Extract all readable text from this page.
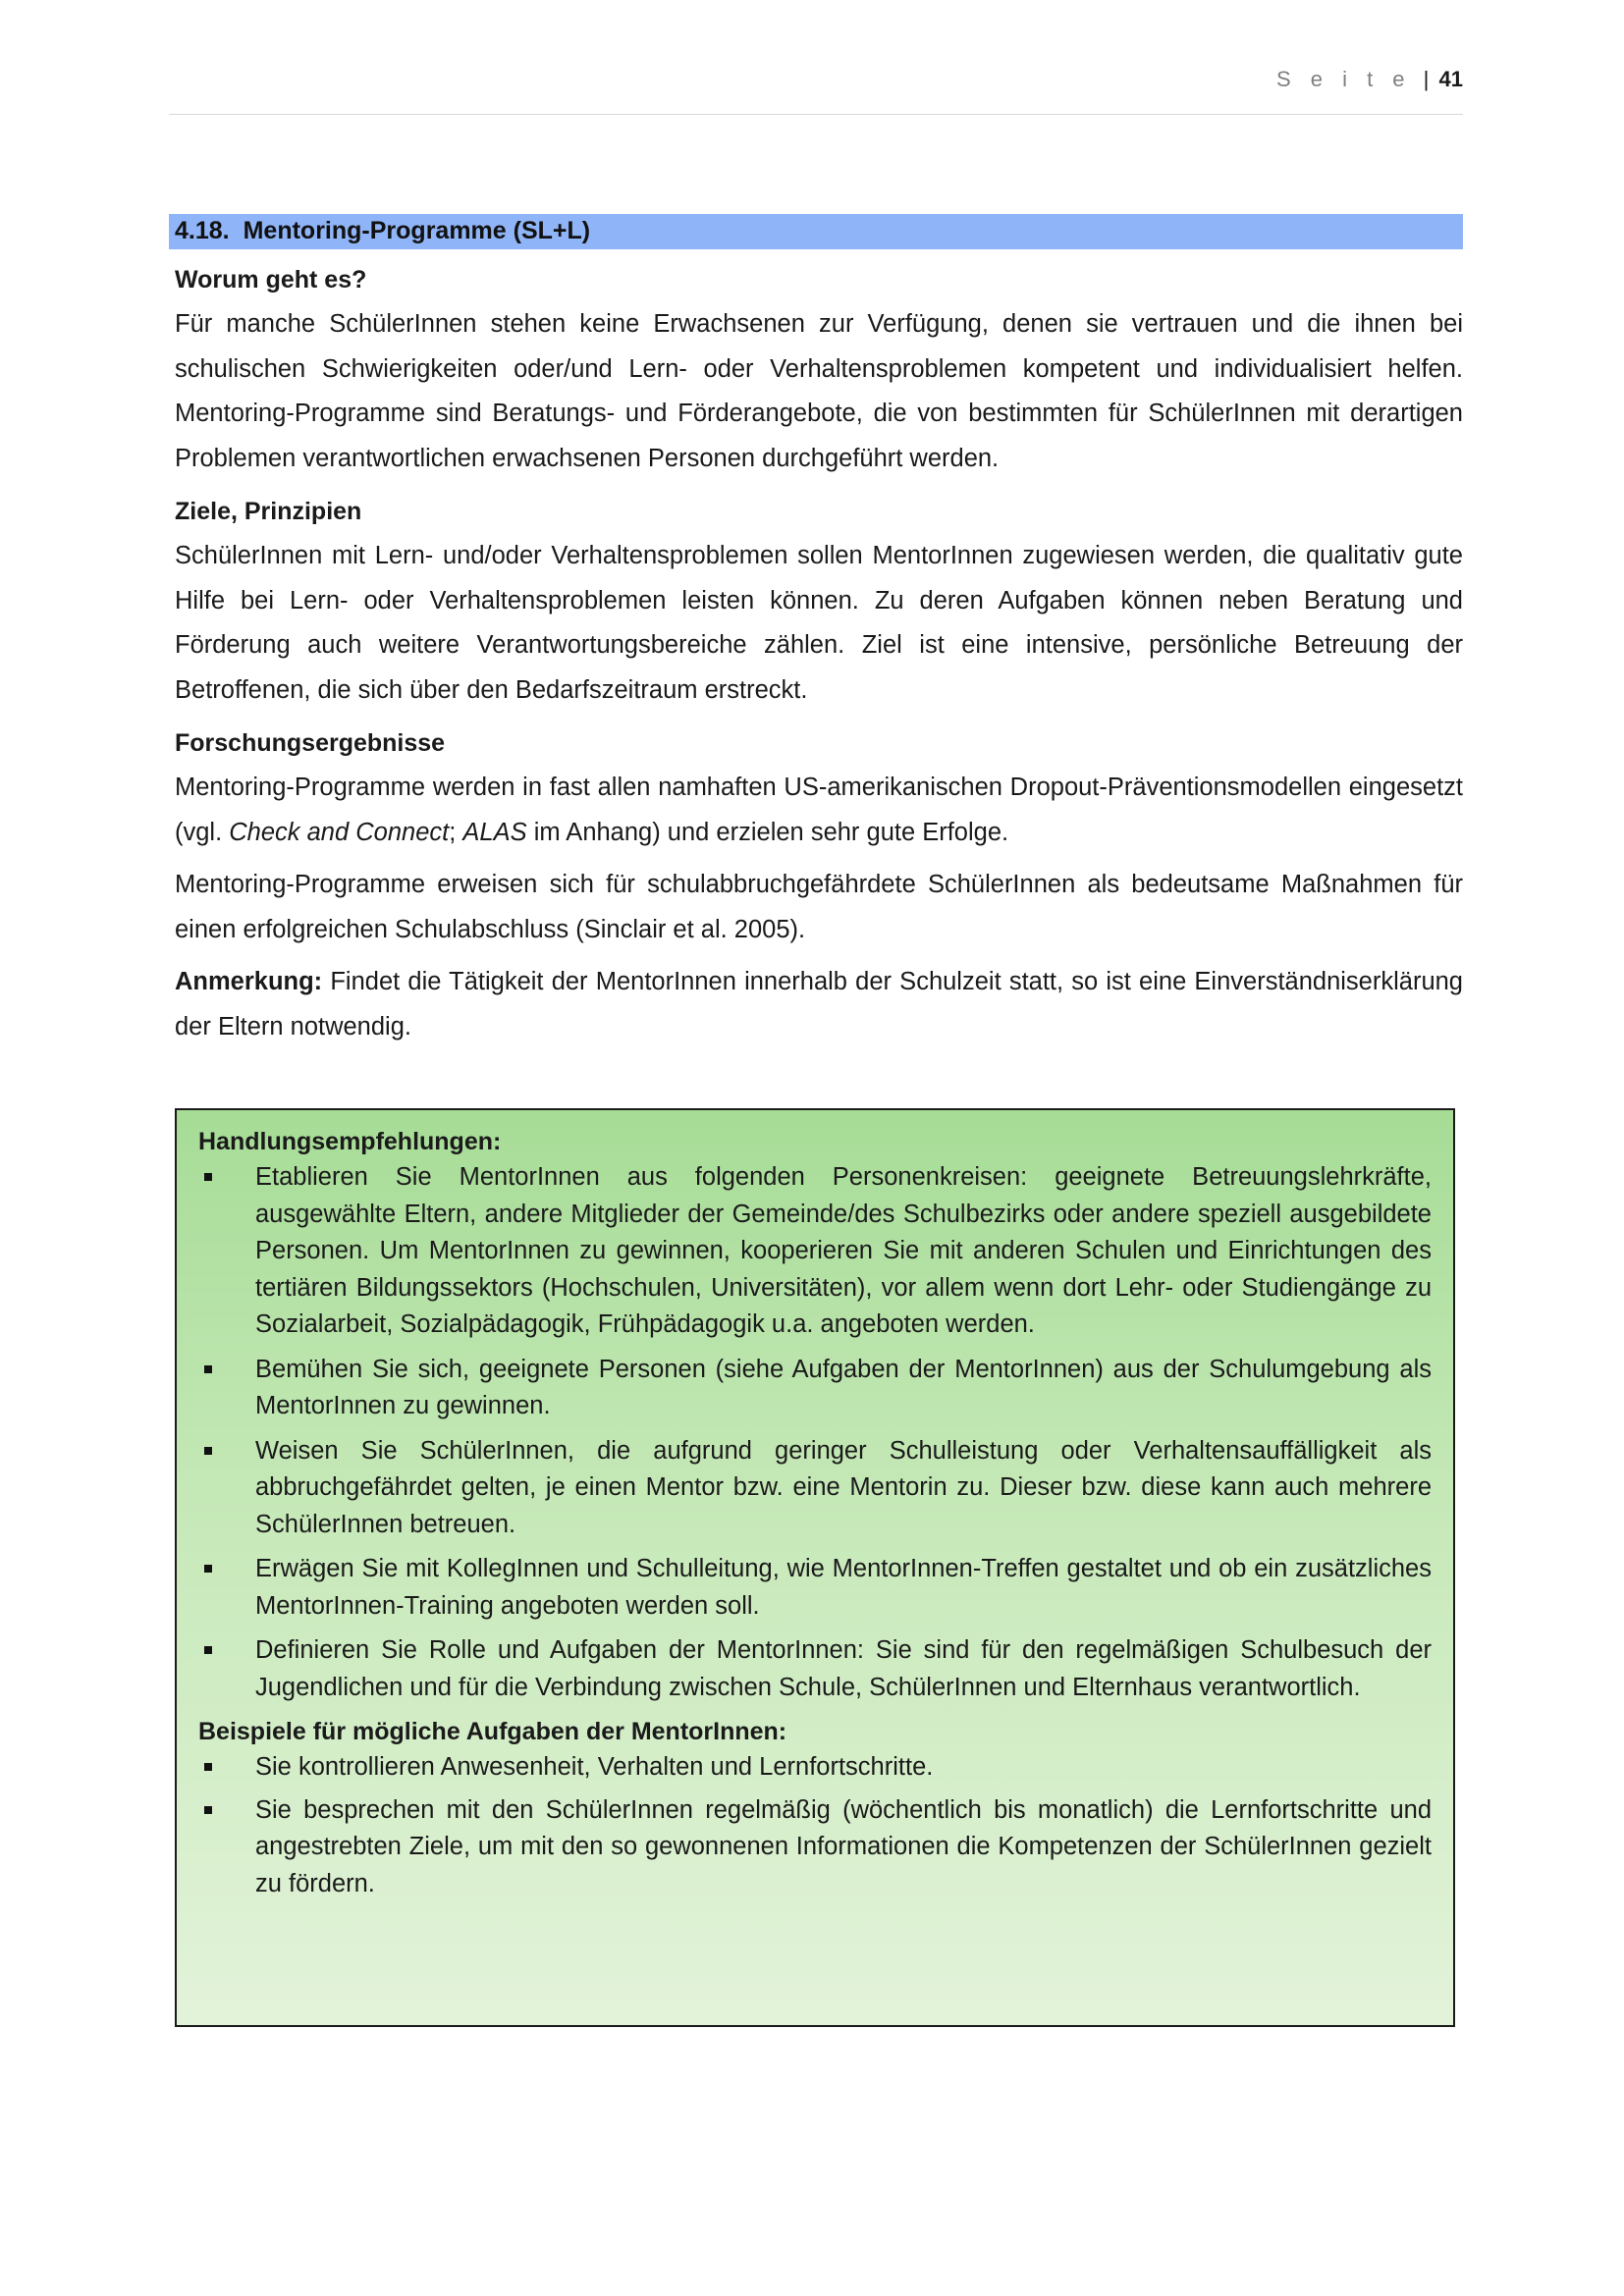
S e i t e | 41
4.18. Mentoring-Programme (SL+L)
Worum geht es?

Für manche SchülerInnen stehen keine Erwachsenen zur Verfügung, denen sie vertrauen und die ihnen bei schulischen Schwierigkeiten oder/und Lern- oder Verhaltensproblemen kompetent und individualisiert helfen. Mentoring-Programme sind Beratungs- und Förderangebote, die von bestimmten für SchülerInnen mit derartigen Problemen verantwortlichen erwachsenen Personen durchgeführt werden.

Ziele, Prinzipien

SchülerInnen mit Lern- und/oder Verhaltensproblemen sollen MentorInnen zugewiesen werden, die qualitativ gute Hilfe bei Lern- oder Verhaltensproblemen leisten können. Zu deren Aufgaben können neben Beratung und Förderung auch weitere Verantwortungsbereiche zählen. Ziel ist eine intensive, persönliche Betreuung der Betroffenen, die sich über den Bedarfszeitraum erstreckt.

Forschungsergebnisse

Mentoring-Programme werden in fast allen namhaften US-amerikanischen Dropout-Präventionsmodellen eingesetzt (vgl. Check and Connect; ALAS im Anhang) und erzielen sehr gute Erfolge.

Mentoring-Programme erweisen sich für schulabbruchgefährdete SchülerInnen als bedeutsame Maßnahmen für einen erfolgreichen Schulabschluss (Sinclair et al. 2005).

Anmerkung: Findet die Tätigkeit der MentorInnen innerhalb der Schulzeit statt, so ist eine Einverständniserklärung der Eltern notwendig.

Handlungsempfehlungen:
Etablieren Sie MentorInnen aus folgenden Personenkreisen: geeignete Betreuungslehrkräfte, ausgewählte Eltern, andere Mitglieder der Gemeinde/des Schulbezirks oder andere speziell ausgebildete Personen. Um MentorInnen zu gewinnen, kooperieren Sie mit anderen Schulen und Einrichtungen des tertiären Bildungssektors (Hochschulen, Universitäten), vor allem wenn dort Lehr- oder Studiengänge zu Sozialarbeit, Sozialpädagogik, Frühpädagogik u.a. angeboten werden.
Bemühen Sie sich, geeignete Personen (siehe Aufgaben der MentorInnen) aus der Schulumgebung als MentorInnen zu gewinnen.
Weisen Sie SchülerInnen, die aufgrund geringer Schulleistung oder Verhaltensauffälligkeit als abbruchgefährdet gelten, je einen Mentor bzw. eine Mentorin zu. Dieser bzw. diese kann auch mehrere SchülerInnen betreuen.
Erwägen Sie mit KollegInnen und Schulleitung, wie MentorInnen-Treffen gestaltet und ob ein zusätzliches MentorInnen-Training angeboten werden soll.
Definieren Sie Rolle und Aufgaben der MentorInnen: Sie sind für den regelmäßigen Schulbesuch der Jugendlichen und für die Verbindung zwischen Schule, SchülerInnen und Elternhaus verantwortlich.
Beispiele für mögliche Aufgaben der MentorInnen:
Sie kontrollieren Anwesenheit, Verhalten und Lernfortschritte.
Sie besprechen mit den SchülerInnen regelmäßig (wöchentlich bis monatlich) die Lernfortschritte und angestrebten Ziele, um mit den so gewonnenen Informationen die Kompetenzen der SchülerInnen gezielt zu fördern.
